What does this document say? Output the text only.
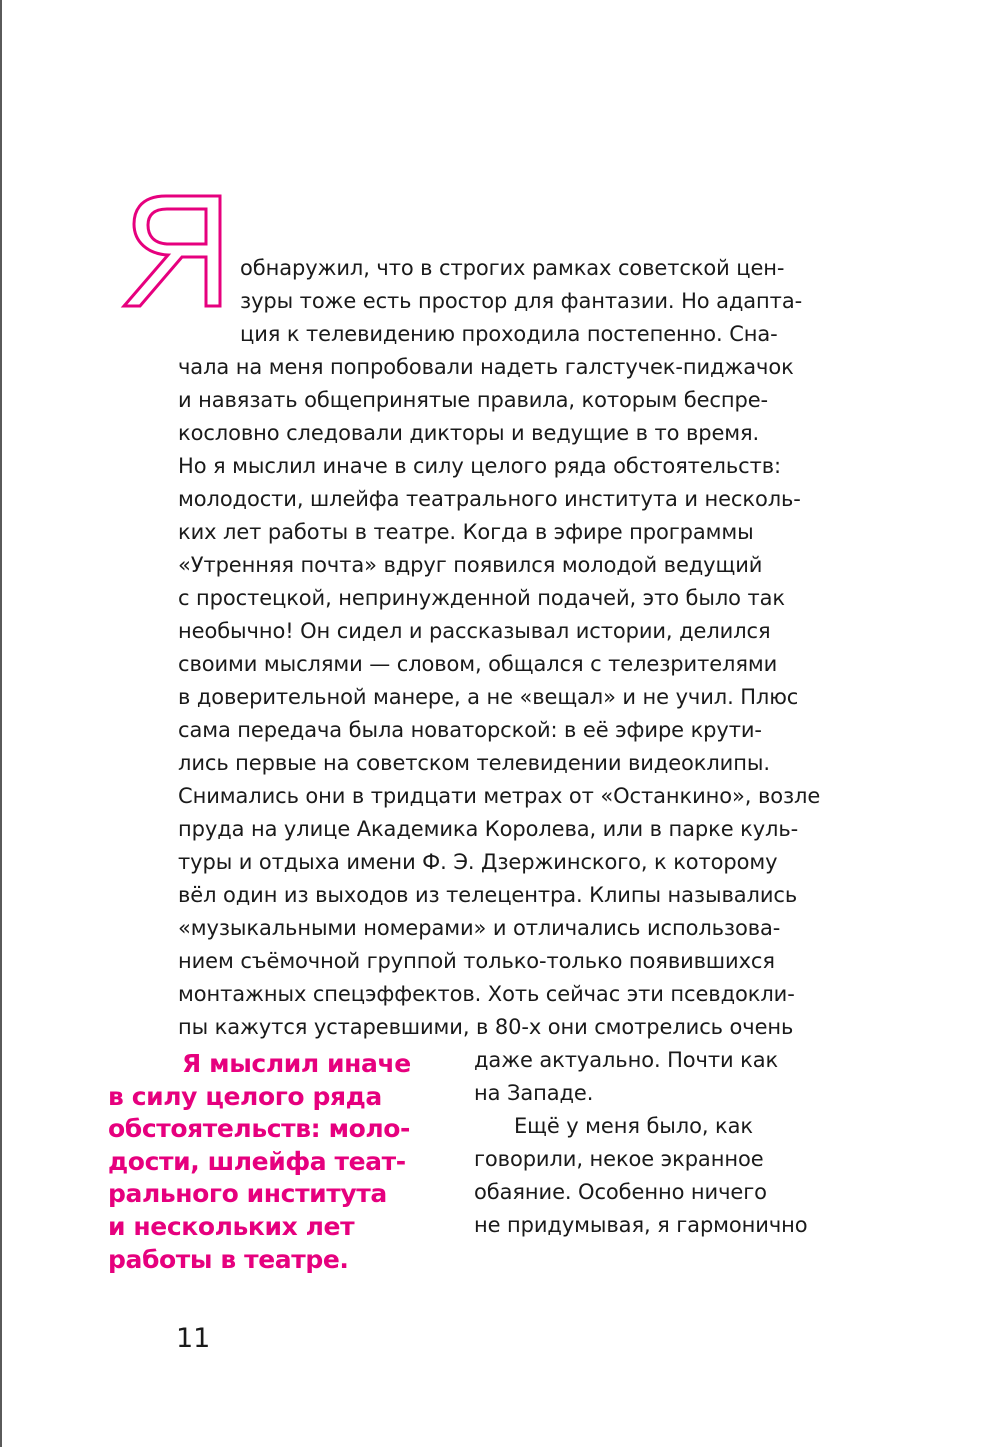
обнаружил, что в строгих рамках советской цен-
зуры тоже есть простор для фантазии. Но адапта-
ция к телевидению проходила постепенно. Сна-
чала на меня попробовали надеть галстучек-пиджачок
и навязать общепринятые правила, которым беспре-
кословно следовали дикторы и ведущие в то время.
Но я мыслил иначе в силу целого ряда обстоятельств:
молодости, шлейфа театрального института и несколь-
ких лет работы в театре. Когда в эфире программы
«Утренняя почта» вдруг появился молодой ведущий
с простецкой, непринужденной подачей, это было так
необычно! Он сидел и рассказывал истории, делился
своими мыслями — словом, общался с телезрителями
в доверительной манере, а не «вещал» и не учил. Плюс
сама передача была новаторской: в её эфире крути-
лись первые на советском телевидении видеоклипы.
Снимались они в тридцати метрах от «Останкино», возле
пруда на улице Академика Королева, или в парке куль-
туры и отдыха имени Ф. Э. Дзержинского, к которому
вёл один из выходов из телецентра. Клипы назывались
«музыкальными номерами» и отличались использова-
нием съёмочной группой только-только появившихся
монтажных спецэффектов. Хоть сейчас эти псевдокли-
пы кажутся устаревшими, в 80-х они смотрелись очень
даже актуально. Почти как
на Западе.
Ещё у меня было, как
говорили, некое экранное
обаяние. Особенно ничего
не придумывая, я гармонично
Я мыслил иначе
в силу целого ряда
обстоятельств: моло-
дости, шлейфа теат-
рального института
и нескольких лет
работы в театре.
11
